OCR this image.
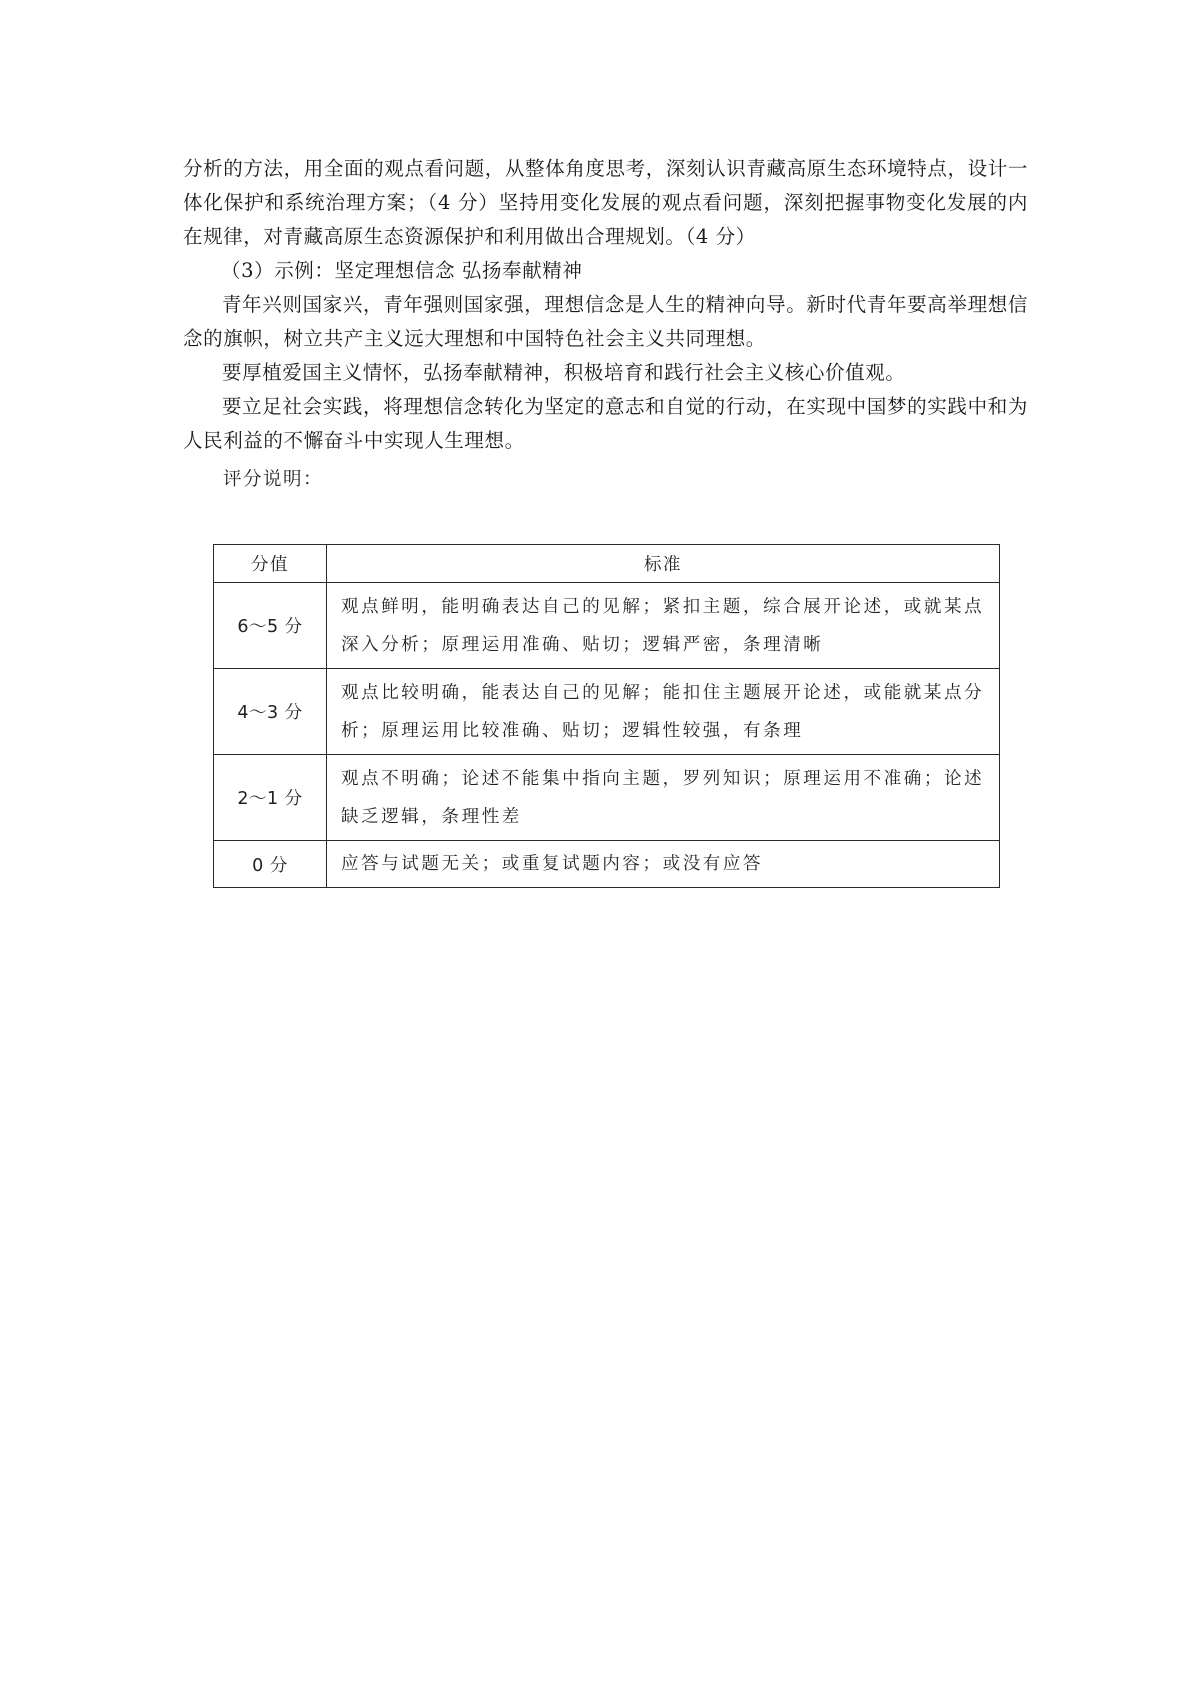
分析的方法，用全面的观点看问题，从整体角度思考，深刻认识青藏高原生态环境特点，设计一体化保护和系统治理方案；（4 分）坚持用变化发展的观点看问题，深刻把握事物变化发展的内在规律，对青藏高原生态资源保护和利用做出合理规划。（4 分）

（3）示例：坚定理想信念 弘扬奉献精神

青年兴则国家兴，青年强则国家强，理想信念是人生的精神向导。新时代青年要高举理想信念的旗帜，树立共产主义远大理想和中国特色社会主义共同理想。

要厚植爱国主义情怀，弘扬奉献精神，积极培育和践行社会主义核心价值观。

要立足社会实践，将理想信念转化为坚定的意志和自觉的行动，在实现中国梦的实践中和为人民利益的不懈奋斗中实现人生理想。

评分说明：
分值	标准
6～5 分	观点鲜明，能明确表达自己的见解；紧扣主题，综合展开论述，或就某点深入分析；原理运用准确、贴切；逻辑严密，条理清晰
4～3 分	观点比较明确，能表达自己的见解；能扣住主题展开论述，或能就某点分析；原理运用比较准确、贴切；逻辑性较强，有条理
2～1 分	观点不明确；论述不能集中指向主题，罗列知识；原理运用不准确；论述缺乏逻辑，条理性差
0 分	应答与试题无关；或重复试题内容；或没有应答
